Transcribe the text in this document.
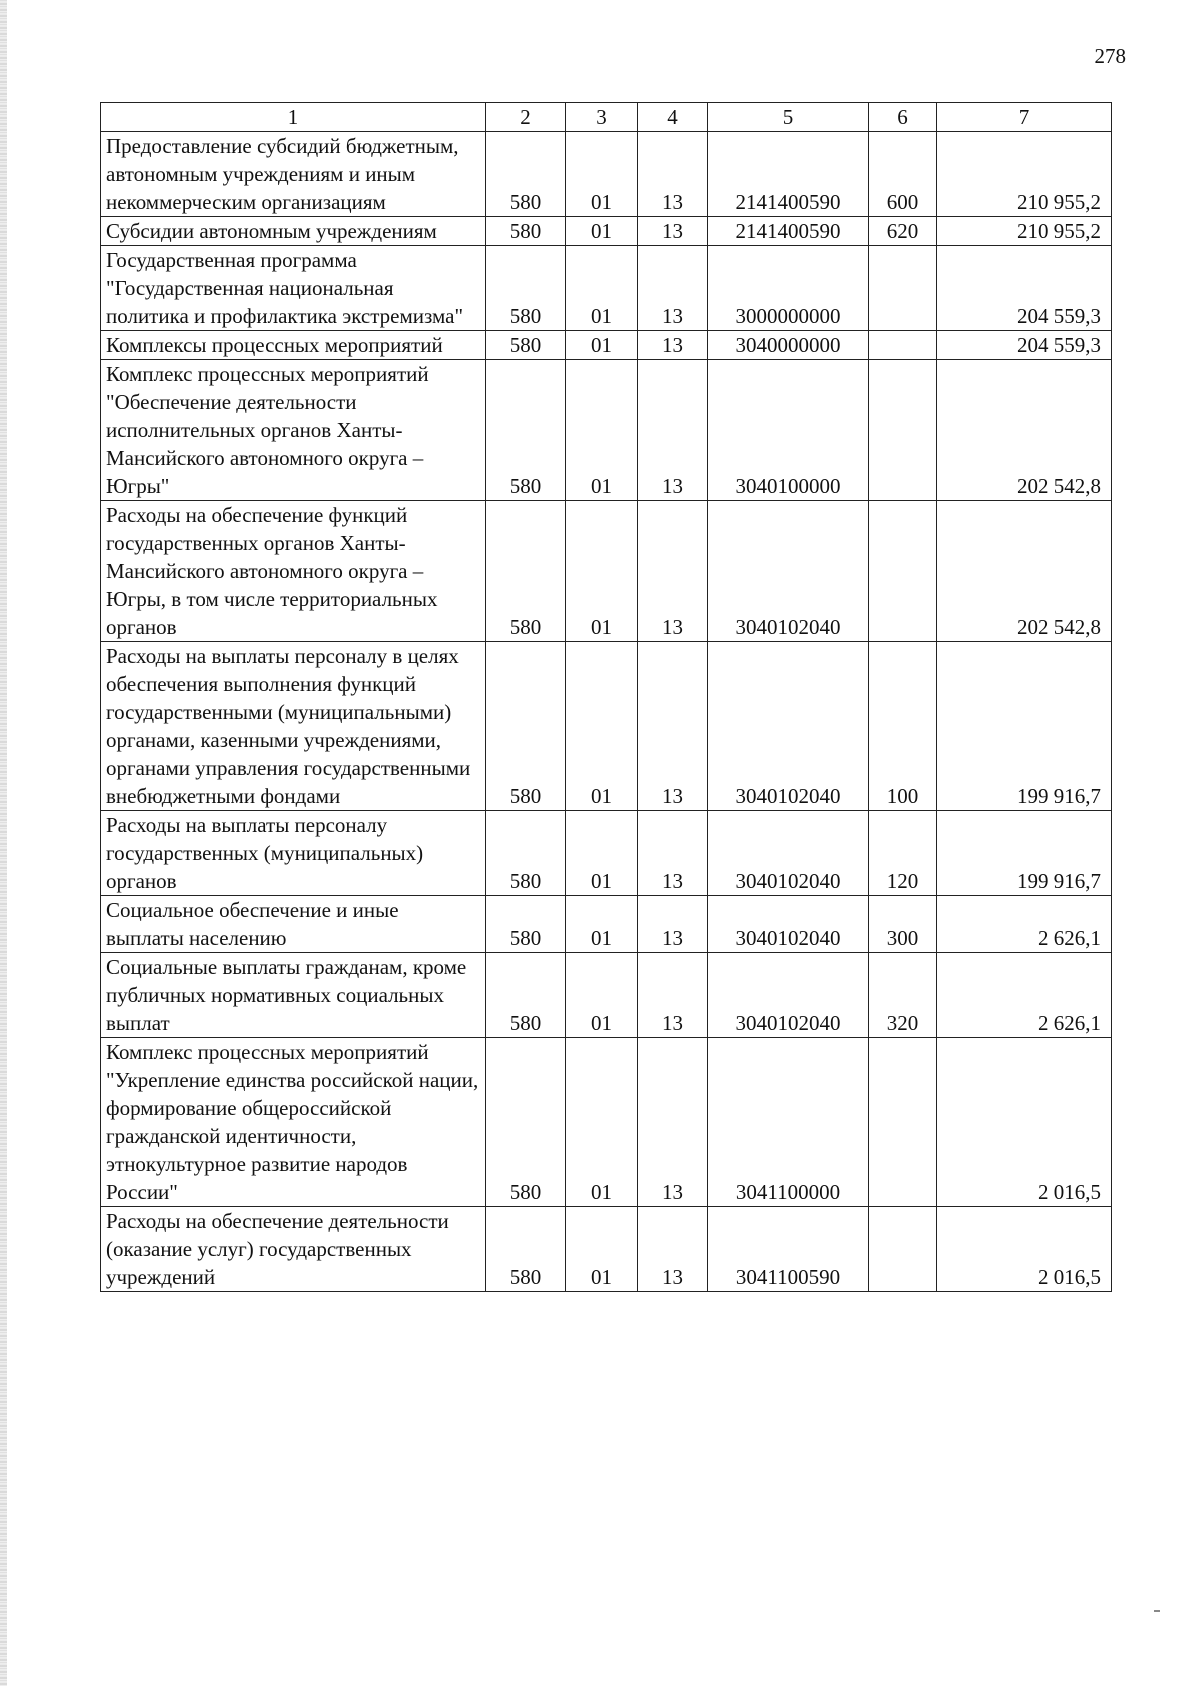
278
1	2	3	4	5	6	7
Предоставление субсидий бюджетным, автономным учреждениям и иным некоммерческим организациям	580	01	13	2141400590	600	210 955,2
Субсидии автономным учреждениям	580	01	13	2141400590	620	210 955,2
Государственная программа "Государственная национальная политика и профилактика экстремизма"	580	01	13	3000000000		204 559,3
Комплексы процессных мероприятий	580	01	13	3040000000		204 559,3
Комплекс процессных мероприятий "Обеспечение деятельности исполнительных органов Ханты-Мансийского автономного округа – Югры"	580	01	13	3040100000		202 542,8
Расходы на обеспечение функций государственных органов Ханты-Мансийского автономного округа – Югры, в том числе территориальных органов	580	01	13	3040102040		202 542,8
Расходы на выплаты персоналу в целях обеспечения выполнения функций государственными (муниципальными) органами, казенными учреждениями, органами управления государственными внебюджетными фондами	580	01	13	3040102040	100	199 916,7
Расходы на выплаты персоналу государственных (муниципальных) органов	580	01	13	3040102040	120	199 916,7
Социальное обеспечение и иные выплаты населению	580	01	13	3040102040	300	2 626,1
Социальные выплаты гражданам, кроме публичных нормативных социальных выплат	580	01	13	3040102040	320	2 626,1
Комплекс процессных мероприятий "Укрепление единства российской нации, формирование общероссийской гражданской идентичности, этнокультурное развитие народов России"	580	01	13	3041100000		2 016,5
Расходы на обеспечение деятельности (оказание услуг) государственных учреждений	580	01	13	3041100590		2 016,5
